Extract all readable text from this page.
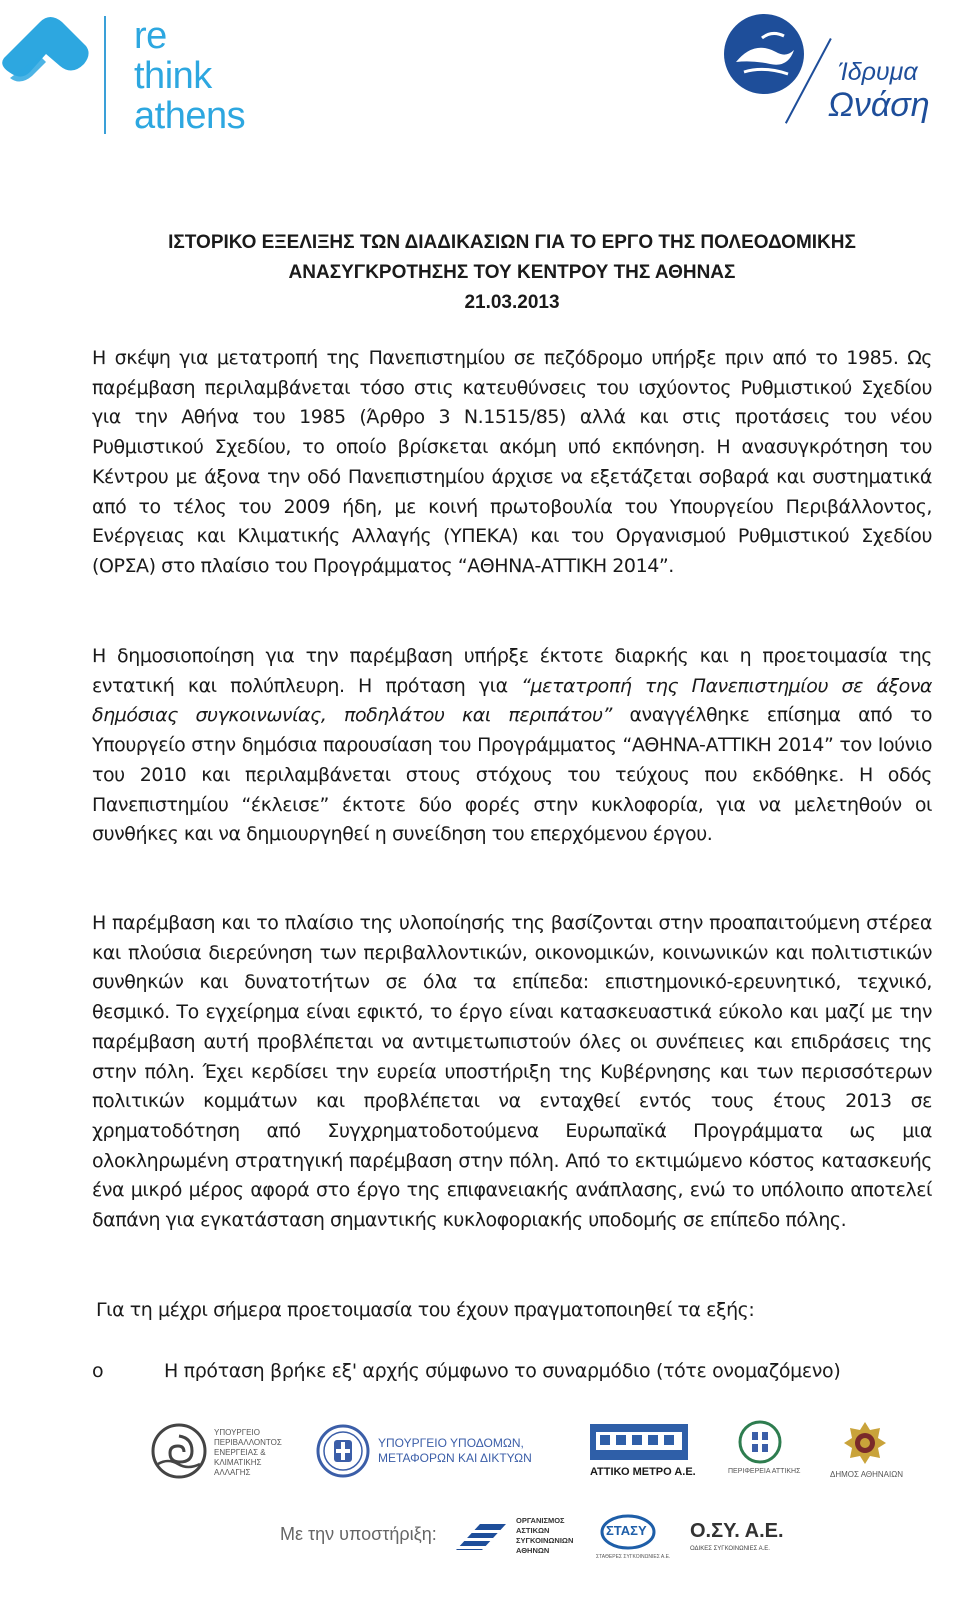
re
think
athens
Ίδρυμα
Ωνάση
ΙΣΤΟΡΙΚΟ ΕΞΕΛΙΞΗΣ ΤΩΝ ΔΙΑΔΙΚΑΣΙΩΝ ΓΙΑ ΤΟ ΕΡΓΟ ΤΗΣ ΠΟΛΕΟΔΟΜΙΚΗΣ
ΑΝΑΣΥΓΚΡΟΤΗΣΗΣ ΤΟΥ ΚΕΝΤΡΟΥ ΤΗΣ ΑΘΗΝΑΣ
21.03.2013

Η σκέψη για μετατροπή της Πανεπιστημίου σε πεζόδρομο υπήρξε πριν από το 1985. Ως παρέμβαση περιλαμβάνεται τόσο στις κατευθύνσεις του ισχύοντος Ρυθμιστικού Σχεδίου για την Αθήνα του 1985 (Άρθρο 3 Ν.1515/85) αλλά και στις προτάσεις του νέου Ρυθμιστικού Σχεδίου, το οποίο βρίσκεται ακόμη υπό εκπόνηση. Η ανασυγκρότηση του Κέντρου με άξονα την οδό Πανεπιστημίου άρχισε να εξετάζεται σοβαρά και συστηματικά από το τέλος του 2009 ήδη, με κοινή πρωτοβουλία του Υπουργείου Περιβάλλοντος, Ενέργειας και Κλιματικής Αλλαγής (ΥΠΕΚΑ) και του Οργανισμού Ρυθμιστικού Σχεδίου (ΟΡΣΑ) στο πλαίσιο του Προγράμματος “ΑΘΗΝΑ-ΑΤΤΙΚΗ 2014”.

Η δημοσιοποίηση για την παρέμβαση υπήρξε έκτοτε διαρκής και η προετοιμασία της εντατική και πολύπλευρη. Η πρόταση για “μετατροπή της Πανεπιστημίου σε άξονα δημόσιας συγκοινωνίας, ποδηλάτου και περιπάτου” αναγγέλθηκε επίσημα από το Υπουργείο στην δημόσια παρουσίαση του Προγράμματος “ΑΘΗΝΑ-ΑΤΤΙΚΗ 2014” τον Ιούνιο του 2010 και περιλαμβάνεται στους στόχους του τεύχους που εκδόθηκε. Η οδός Πανεπιστημίου “έκλεισε” έκτοτε δύο φορές στην κυκλοφορία, για να μελετηθούν οι συνθήκες και να δημιουργηθεί η συνείδηση του επερχόμενου έργου.

Η παρέμβαση και το πλαίσιο της υλοποίησής της βασίζονται στην προαπαιτούμενη στέρεα και πλούσια διερεύνηση των περιβαλλοντικών, οικονομικών, κοινωνικών και πολιτιστικών συνθηκών και δυνατοτήτων σε όλα τα επίπεδα: επιστημονικό-ερευνητικό, τεχνικό, θεσμικό. Το εγχείρημα είναι εφικτό, το έργο είναι κατασκευαστικά εύκολο και μαζί με την παρέμβαση αυτή προβλέπεται να αντιμετωπιστούν όλες οι συνέπειες και επιδράσεις της στην πόλη. Έχει κερδίσει την ευρεία υποστήριξη της Κυβέρνησης και των περισσότερων πολιτικών κομμάτων και προβλέπεται να ενταχθεί εντός τους έτους 2013 σε χρηματοδότηση από Συγχρηματοδοτούμενα Ευρωπαϊκά Προγράμματα ως μια ολοκληρωμένη στρατηγική παρέμβαση στην πόλη. Από το εκτιμώμενο κόστος κατασκευής ένα μικρό μέρος αφορά στο έργο της επιφανειακής ανάπλασης, ενώ το υπόλοιπο αποτελεί δαπάνη για εγκατάσταση σημαντικής κυκλοφοριακής υποδομής σε επίπεδο πόλης.

Για τη μέχρι σήμερα προετοιμασία του έχουν πραγματοποιηθεί τα εξής:

o	Η πρόταση βρήκε εξ' αρχής σύμφωνο το συναρμόδιο (τότε ονομαζόμενο)
ΥΠΟΥΡΓΕΙΟ
ΠΕΡΙΒΑΛΛΟΝΤΟΣ
ΕΝΕΡΓΕΙΑΣ &
ΚΛΙΜΑΤΙΚΗΣ
ΑΛΛΑΓΗΣ
ΥΠΟΥΡΓΕΙΟ ΥΠΟΔΟΜΩΝ,
ΜΕΤΑΦΟΡΩΝ ΚΑΙ ΔΙΚΤΥΩΝ
ΑΤΤΙΚΟ ΜΕΤΡΟ Α.Ε.	ΠΕΡΙΦΕΡΕΙΑ ΑΤΤΙΚΗΣ	ΔΗΜΟΣ ΑΘΗΝΑΙΩΝ
Με την υποστήριξη:
ΟΡΓΑΝΙΣΜΟΣ
ΑΣΤΙΚΩΝ
ΣΥΓΚΟΙΝΩΝΙΩΝ
ΑΘΗΝΩΝ
ΣΤΑΣΥ
ΣΤΑΘΕΡΕΣ ΣΥΓΚΟΙΝΩΝΙΕΣ Α.Ε.
Ο.ΣΥ. Α.Ε.
ΟΔΙΚΕΣ ΣΥΓΚΟΙΝΩΝΙΕΣ Α.Ε.
